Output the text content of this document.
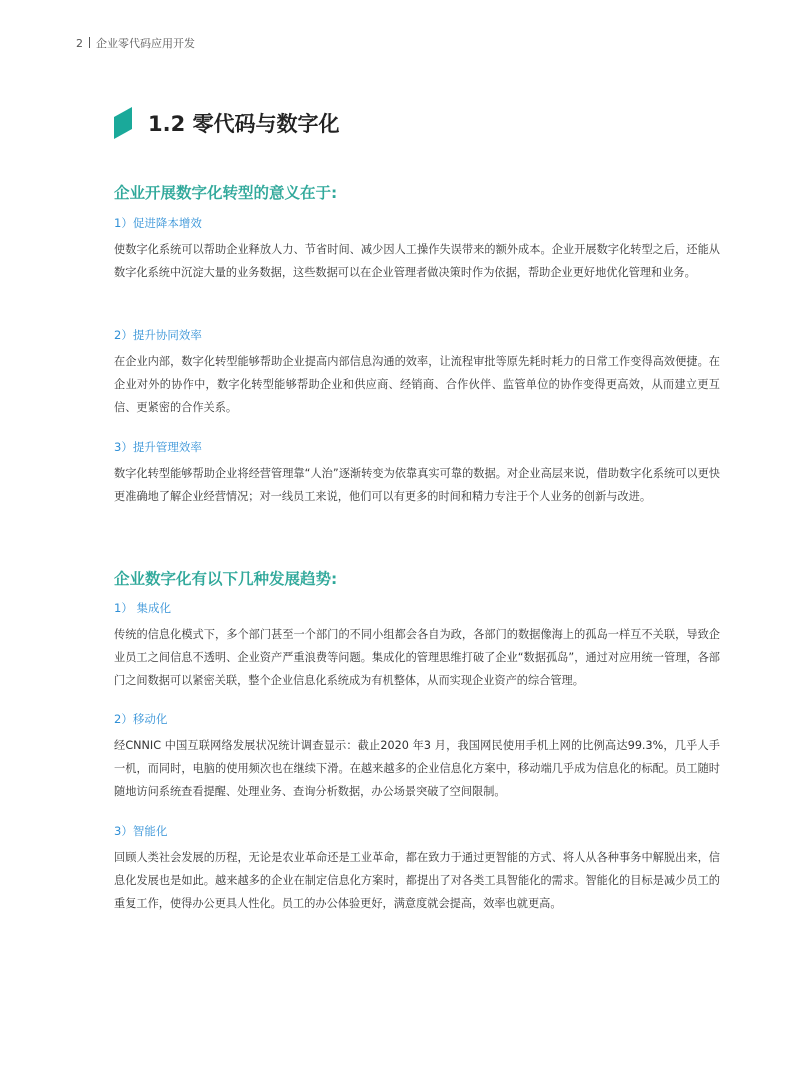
2 企业零代码应用开发
1.2 零代码与数字化
企业开展数字化转型的意义在于:
1）促进降本增效

使数字化系统可以帮助企业释放人力、节省时间、减少因人工操作失误带来的额外成本。企业开展数字化转型之后，还能从数字化系统中沉淀大量的业务数据，这些数据可以在企业管理者做决策时作为依据，帮助企业更好地优化管理和业务。

2）提升协同效率

在企业内部，数字化转型能够帮助企业提高内部信息沟通的效率，让流程审批等原先耗时耗力的日常工作变得高效便捷。在企业对外的协作中，数字化转型能够帮助企业和供应商、经销商、合作伙伴、监管单位的协作变得更高效，从而建立更互信、更紧密的合作关系。

3）提升管理效率

数字化转型能够帮助企业将经营管理靠“人治”逐渐转变为依靠真实可靠的数据。对企业高层来说，借助数字化系统可以更快更准确地了解企业经营情况；对一线员工来说，他们可以有更多的时间和精力专注于个人业务的创新与改进。

企业数字化有以下几种发展趋势:
1） 集成化

传统的信息化模式下，多个部门甚至一个部门的不同小组都会各自为政，各部门的数据像海上的孤岛一样互不关联，导致企业员工之间信息不透明、企业资产严重浪费等问题。集成化的管理思维打破了企业“数据孤岛”，通过对应用统一管理，各部门之间数据可以紧密关联，整个企业信息化系统成为有机整体，从而实现企业资产的综合管理。

2）移动化

经CNNIC 中国互联网络发展状况统计调查显示：截止2020 年3 月，我国网民使用手机上网的比例高达99.3%，几乎人手一机，而同时，电脑的使用频次也在继续下滑。在越来越多的企业信息化方案中，移动端几乎成为信息化的标配。员工随时随地访问系统查看提醒、处理业务、查询分析数据，办公场景突破了空间限制。

3）智能化

回顾人类社会发展的历程，无论是农业革命还是工业革命，都在致力于通过更智能的方式、将人从各种事务中解脱出来，信息化发展也是如此。越来越多的企业在制定信息化方案时，都提出了对各类工具智能化的需求。智能化的目标是减少员工的重复工作，使得办公更具人性化。员工的办公体验更好，满意度就会提高，效率也就更高。
